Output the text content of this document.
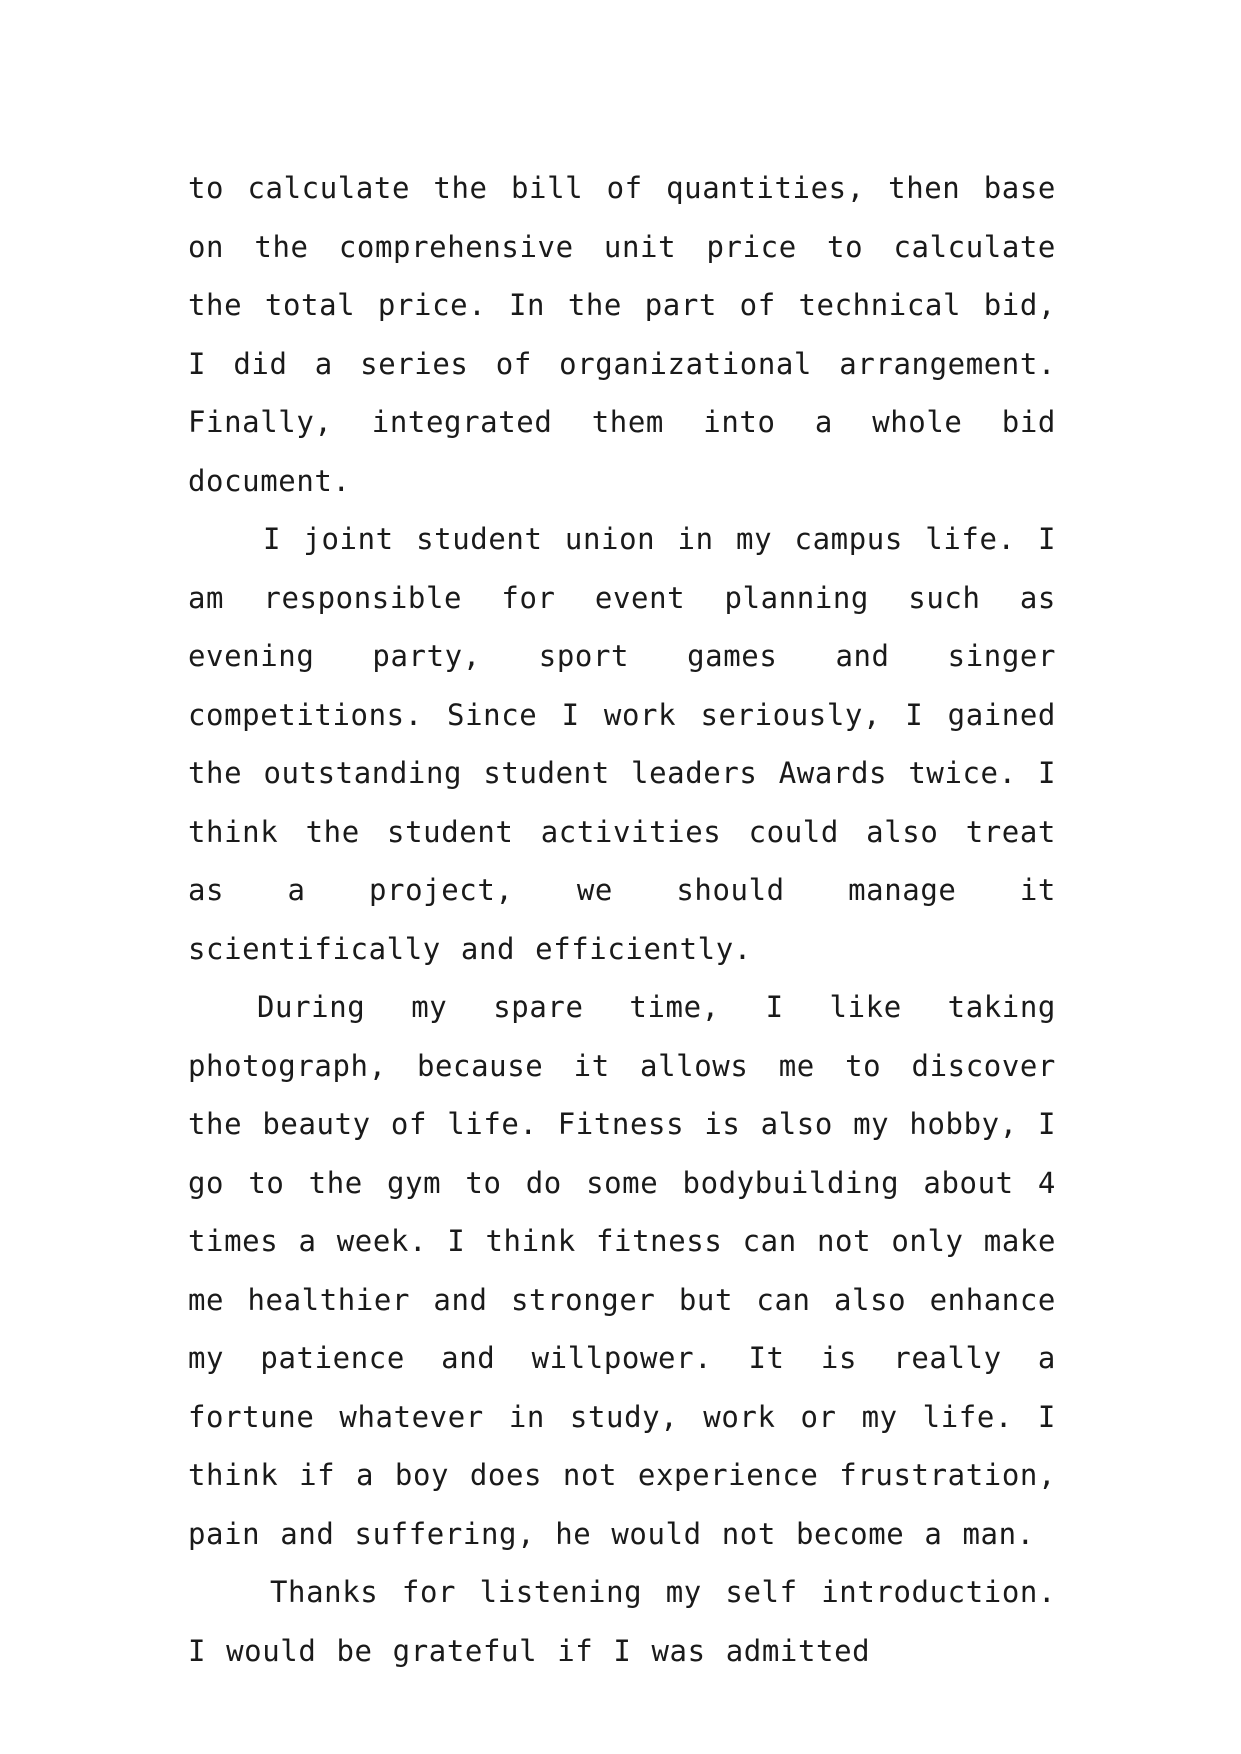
to calculate the bill of quantities, then base on the comprehensive unit price to calculate the total price. In the part of technical bid, I did a series of organizational arrangement. Finally, integrated them into a whole bid document.

I joint student union in my campus life. I am responsible for event planning such as evening party, sport games and singer competitions. Since I work seriously, I gained the outstanding student leaders Awards twice. I think the student activities could also treat as a project, we should manage it scientifically and efficiently.

During my spare time, I like taking photograph, because it allows me to discover the beauty of life. Fitness is also my hobby, I go to the gym to do some bodybuilding about 4 times a week. I think fitness can not only make me healthier and stronger but can also enhance my patience and willpower. It is really a fortune whatever in study, work or my life. I think if a boy does not experience frustration, pain and suffering, he would not become a man.

Thanks for listening my self introduction. I would be grateful if I was admitted
